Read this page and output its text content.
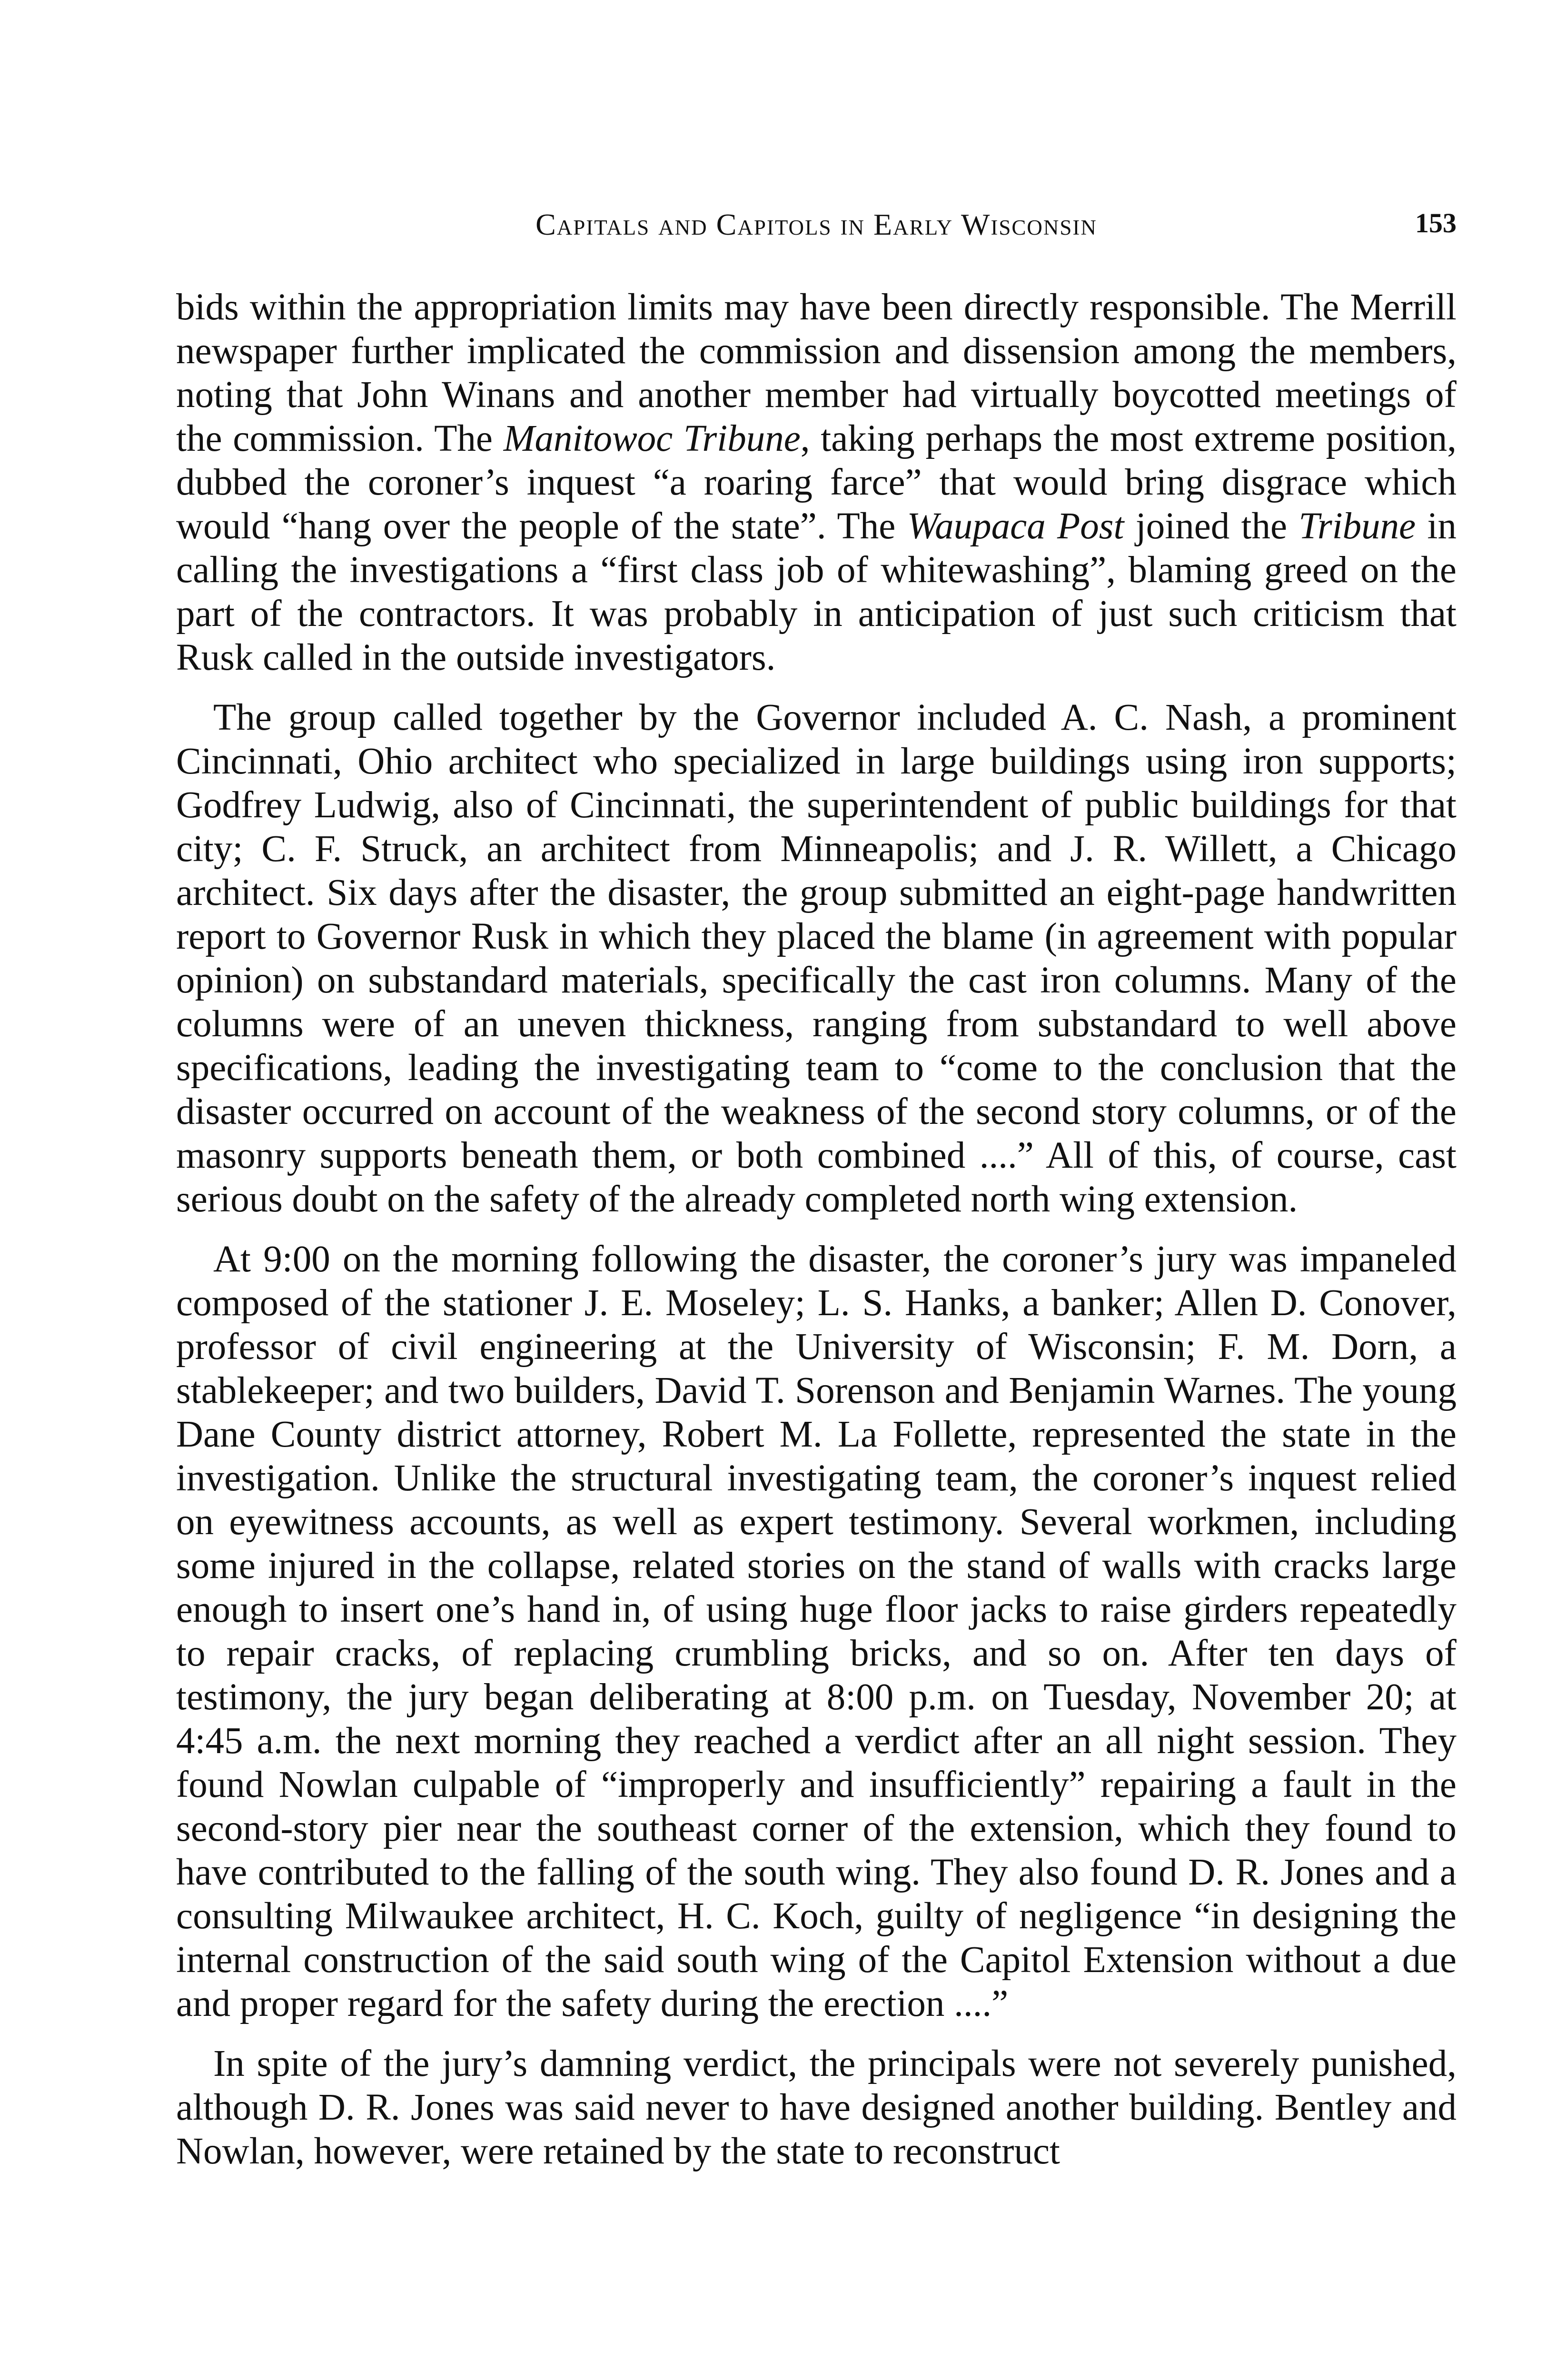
Capitals and Capitols in Early Wisconsin	153

bids within the appropriation limits may have been directly responsible. The Merrill newspaper further implicated the commission and dissension among the members, noting that John Winans and another member had virtually boycotted meetings of the commission. The Manitowoc Tribune, taking perhaps the most extreme position, dubbed the coroner’s inquest “a roaring farce” that would bring disgrace which would “hang over the people of the state”. The Waupaca Post joined the Tribune in calling the investigations a “first class job of whitewashing”, blaming greed on the part of the contractors. It was probably in anticipation of just such criticism that Rusk called in the outside investigators.

The group called together by the Governor included A. C. Nash, a prominent Cincinnati, Ohio architect who specialized in large buildings using iron supports; Godfrey Ludwig, also of Cincinnati, the superintendent of public buildings for that city; C. F. Struck, an architect from Minneapolis; and J. R. Willett, a Chicago architect. Six days after the disaster, the group submitted an eight-page handwritten report to Governor Rusk in which they placed the blame (in agreement with popular opinion) on substandard materials, specifically the cast iron columns. Many of the columns were of an uneven thickness, ranging from substandard to well above specifications, leading the investigating team to “come to the conclusion that the disaster occurred on account of the weakness of the second story columns, or of the masonry supports beneath them, or both combined ....” All of this, of course, cast serious doubt on the safety of the already completed north wing extension.

At 9:00 on the morning following the disaster, the coroner’s jury was impaneled composed of the stationer J. E. Moseley; L. S. Hanks, a banker; Allen D. Conover, professor of civil engineering at the University of Wisconsin; F. M. Dorn, a stablekeeper; and two builders, David T. Sorenson and Benjamin Warnes. The young Dane County district attorney, Robert M. La Follette, represented the state in the investigation. Unlike the structural investigating team, the coroner’s inquest relied on eyewitness accounts, as well as expert testimony. Several workmen, including some injured in the collapse, related stories on the stand of walls with cracks large enough to insert one’s hand in, of using huge floor jacks to raise girders repeatedly to repair cracks, of replacing crumbling bricks, and so on. After ten days of testimony, the jury began deliberating at 8:00 p.m. on Tuesday, November 20; at 4:45 a.m. the next morning they reached a verdict after an all night session. They found Nowlan culpable of “improperly and insufficiently” repairing a fault in the second-story pier near the southeast corner of the extension, which they found to have contributed to the falling of the south wing. They also found D. R. Jones and a consulting Milwaukee architect, H. C. Koch, guilty of negligence “in designing the internal construction of the said south wing of the Capitol Extension without a due and proper regard for the safety during the erection ....”

In spite of the jury’s damning verdict, the principals were not severely punished, although D. R. Jones was said never to have designed another building. Bentley and Nowlan, however, were retained by the state to reconstruct
